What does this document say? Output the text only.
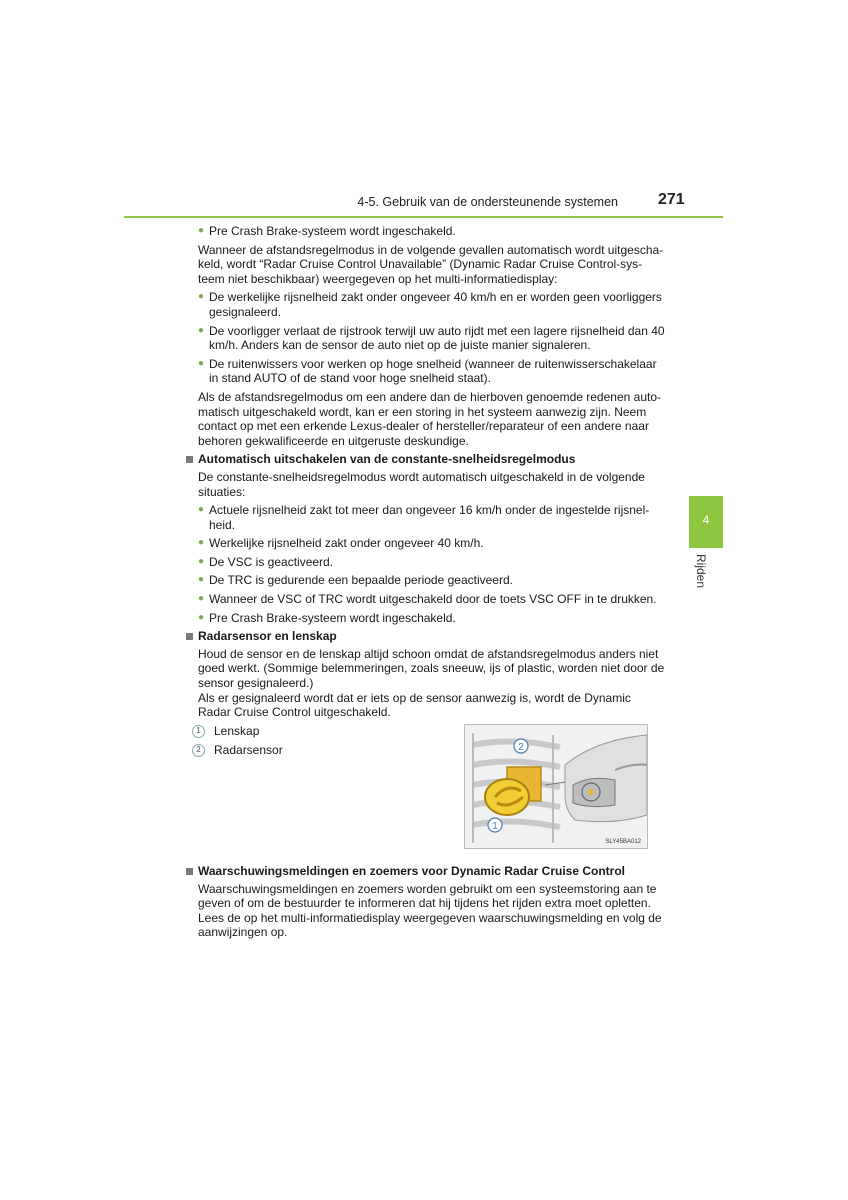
4-5. Gebruik van de ondersteunende systemen	271
4
Rijden
● Pre Crash Brake-systeem wordt ingeschakeld.
Wanneer de afstandsregelmodus in de volgende gevallen automatisch wordt uitgescha-keld, wordt “Radar Cruise Control Unavailable” (Dynamic Radar Cruise Control-sys-teem niet beschikbaar) weergegeven op het multi-informatiedisplay:
● De werkelijke rijsnelheid zakt onder ongeveer 40 km/h en er worden geen voorliggers gesignaleerd.
● De voorligger verlaat de rijstrook terwijl uw auto rijdt met een lagere rijsnelheid dan 40 km/h. Anders kan de sensor de auto niet op de juiste manier signaleren.
● De ruitenwissers voor werken op hoge snelheid (wanneer de ruitenwisserschakelaar in stand AUTO of de stand voor hoge snelheid staat).
Als de afstandsregelmodus om een andere dan de hierboven genoemde redenen auto-matisch uitgeschakeld wordt, kan er een storing in het systeem aanwezig zijn. Neem contact op met een erkende Lexus-dealer of hersteller/reparateur of een andere naar behoren gekwalificeerde en uitgeruste deskundige.
Automatisch uitschakelen van de constante-snelheidsregelmodus
De constante-snelheidsregelmodus wordt automatisch uitgeschakeld in de volgende situaties:
● Actuele rijsnelheid zakt tot meer dan ongeveer 16 km/h onder de ingestelde rijsnel-heid.
● Werkelijke rijsnelheid zakt onder ongeveer 40 km/h.
● De VSC is geactiveerd.
● De TRC is gedurende een bepaalde periode geactiveerd.
● Wanneer de VSC of TRC wordt uitgeschakeld door de toets VSC OFF in te drukken.
● Pre Crash Brake-systeem wordt ingeschakeld.
Radarsensor en lenskap
Houd de sensor en de lenskap altijd schoon omdat de afstandsregelmodus anders niet goed werkt. (Sommige belemmeringen, zoals sneeuw, ijs of plastic, worden niet door de sensor gesignaleerd.)
Als er gesignaleerd wordt dat er iets op de sensor aanwezig is, wordt de Dynamic Radar Cruise Control uitgeschakeld.
1	Lenskap
2	Radarsensor	2
1
SLY45BA012
Waarschuwingsmeldingen en zoemers voor Dynamic Radar Cruise Control
Waarschuwingsmeldingen en zoemers worden gebruikt om een systeemstoring aan te geven of om de bestuurder te informeren dat hij tijdens het rijden extra moet opletten. Lees de op het multi-informatiedisplay weergegeven waarschuwingsmelding en volg de aanwijzingen op.
